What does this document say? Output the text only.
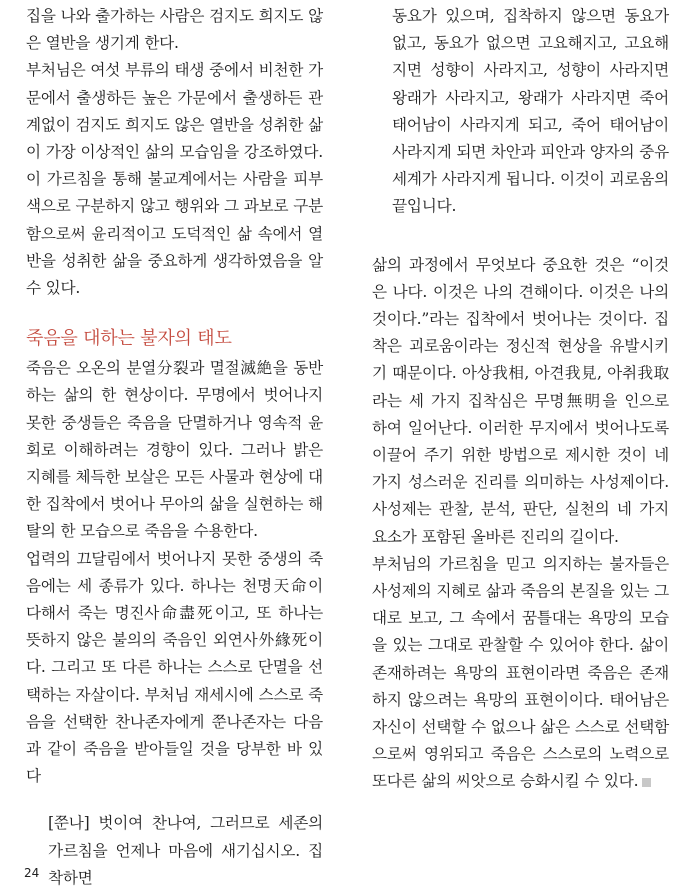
집을 나와 출가하는 사람은 검지도 희지도 않은 열반을 생기게 한다.

부처님은 여섯 부류의 태생 중에서 비천한 가문에서 출생하든 높은 가문에서 출생하든 관계없이 검지도 희지도 않은 열반을 성취한 삶이 가장 이상적인 삶의 모습임을 강조하였다. 이 가르침을 통해 불교계에서는 사람을 피부색으로 구분하지 않고 행위와 그 과보로 구분함으로써 윤리적이고 도덕적인 삶 속에서 열반을 성취한 삶을 중요하게 생각하였음을 알 수 있다.

죽음을 대하는 불자의 태도

죽음은 오온의 분열分裂과 멸절滅絶을 동반하는 삶의 한 현상이다. 무명에서 벗어나지 못한 중생들은 죽음을 단멸하거나 영속적 윤회로 이해하려는 경향이 있다. 그러나 밝은 지혜를 체득한 보살은 모든 사물과 현상에 대한 집착에서 벗어나 무아의 삶을 실현하는 해탈의 한 모습으로 죽음을 수용한다.

업력의 끄달림에서 벗어나지 못한 중생의 죽음에는 세 종류가 있다. 하나는 천명天命이 다해서 죽는 명진사命盡死이고, 또 하나는 뜻하지 않은 불의의 죽음인 외연사外緣死이다. 그리고 또 다른 하나는 스스로 단멸을 선택하는 자살이다. 부처님 재세시에 스스로 죽음을 선택한 찬나존자에게 쭌나존자는 다음과 같이 죽음을 받아들일 것을 당부한 바 있다

[쭌나] 벗이여 찬나여, 그러므로 세존의 가르침을 언제나 마음에 새기십시오. 집착하면

동요가 있으며, 집착하지 않으면 동요가 없고, 동요가 없으면 고요해지고, 고요해지면 성향이 사라지고, 성향이 사라지면 왕래가 사라지고, 왕래가 사라지면 죽어 태어남이 사라지게 되고, 죽어 태어남이 사라지게 되면 차안과 피안과 양자의 중유세계가 사라지게 됩니다. 이것이 괴로움의 끝입니다.

삶의 과정에서 무엇보다 중요한 것은 “이것은 나다. 이것은 나의 견해이다. 이것은 나의 것이다.”라는 집착에서 벗어나는 것이다. 집착은 괴로움이라는 정신적 현상을 유발시키기 때문이다. 아상我相, 아견我見, 아취我取라는 세 가지 집착심은 무명無明을 인으로 하여 일어난다. 이러한 무지에서 벗어나도록 이끌어 주기 위한 방법으로 제시한 것이 네 가지 성스러운 진리를 의미하는 사성제이다. 사성제는 관찰, 분석, 판단, 실천의 네 가지 요소가 포함된 올바른 진리의 길이다.

부처님의 가르침을 믿고 의지하는 불자들은 사성제의 지혜로 삶과 죽음의 본질을 있는 그대로 보고, 그 속에서 꿈틀대는 욕망의 모습을 있는 그대로 관찰할 수 있어야 한다. 삶이 존재하려는 욕망의 표현이라면 죽음은 존재하지 않으려는 욕망의 표현이이다. 태어남은 자신이 선택할 수 없으나 삶은 스스로 선택함으로써 영위되고 죽음은 스스로의 노력으로 또다른 삶의 씨앗으로 승화시킬 수 있다.

24
